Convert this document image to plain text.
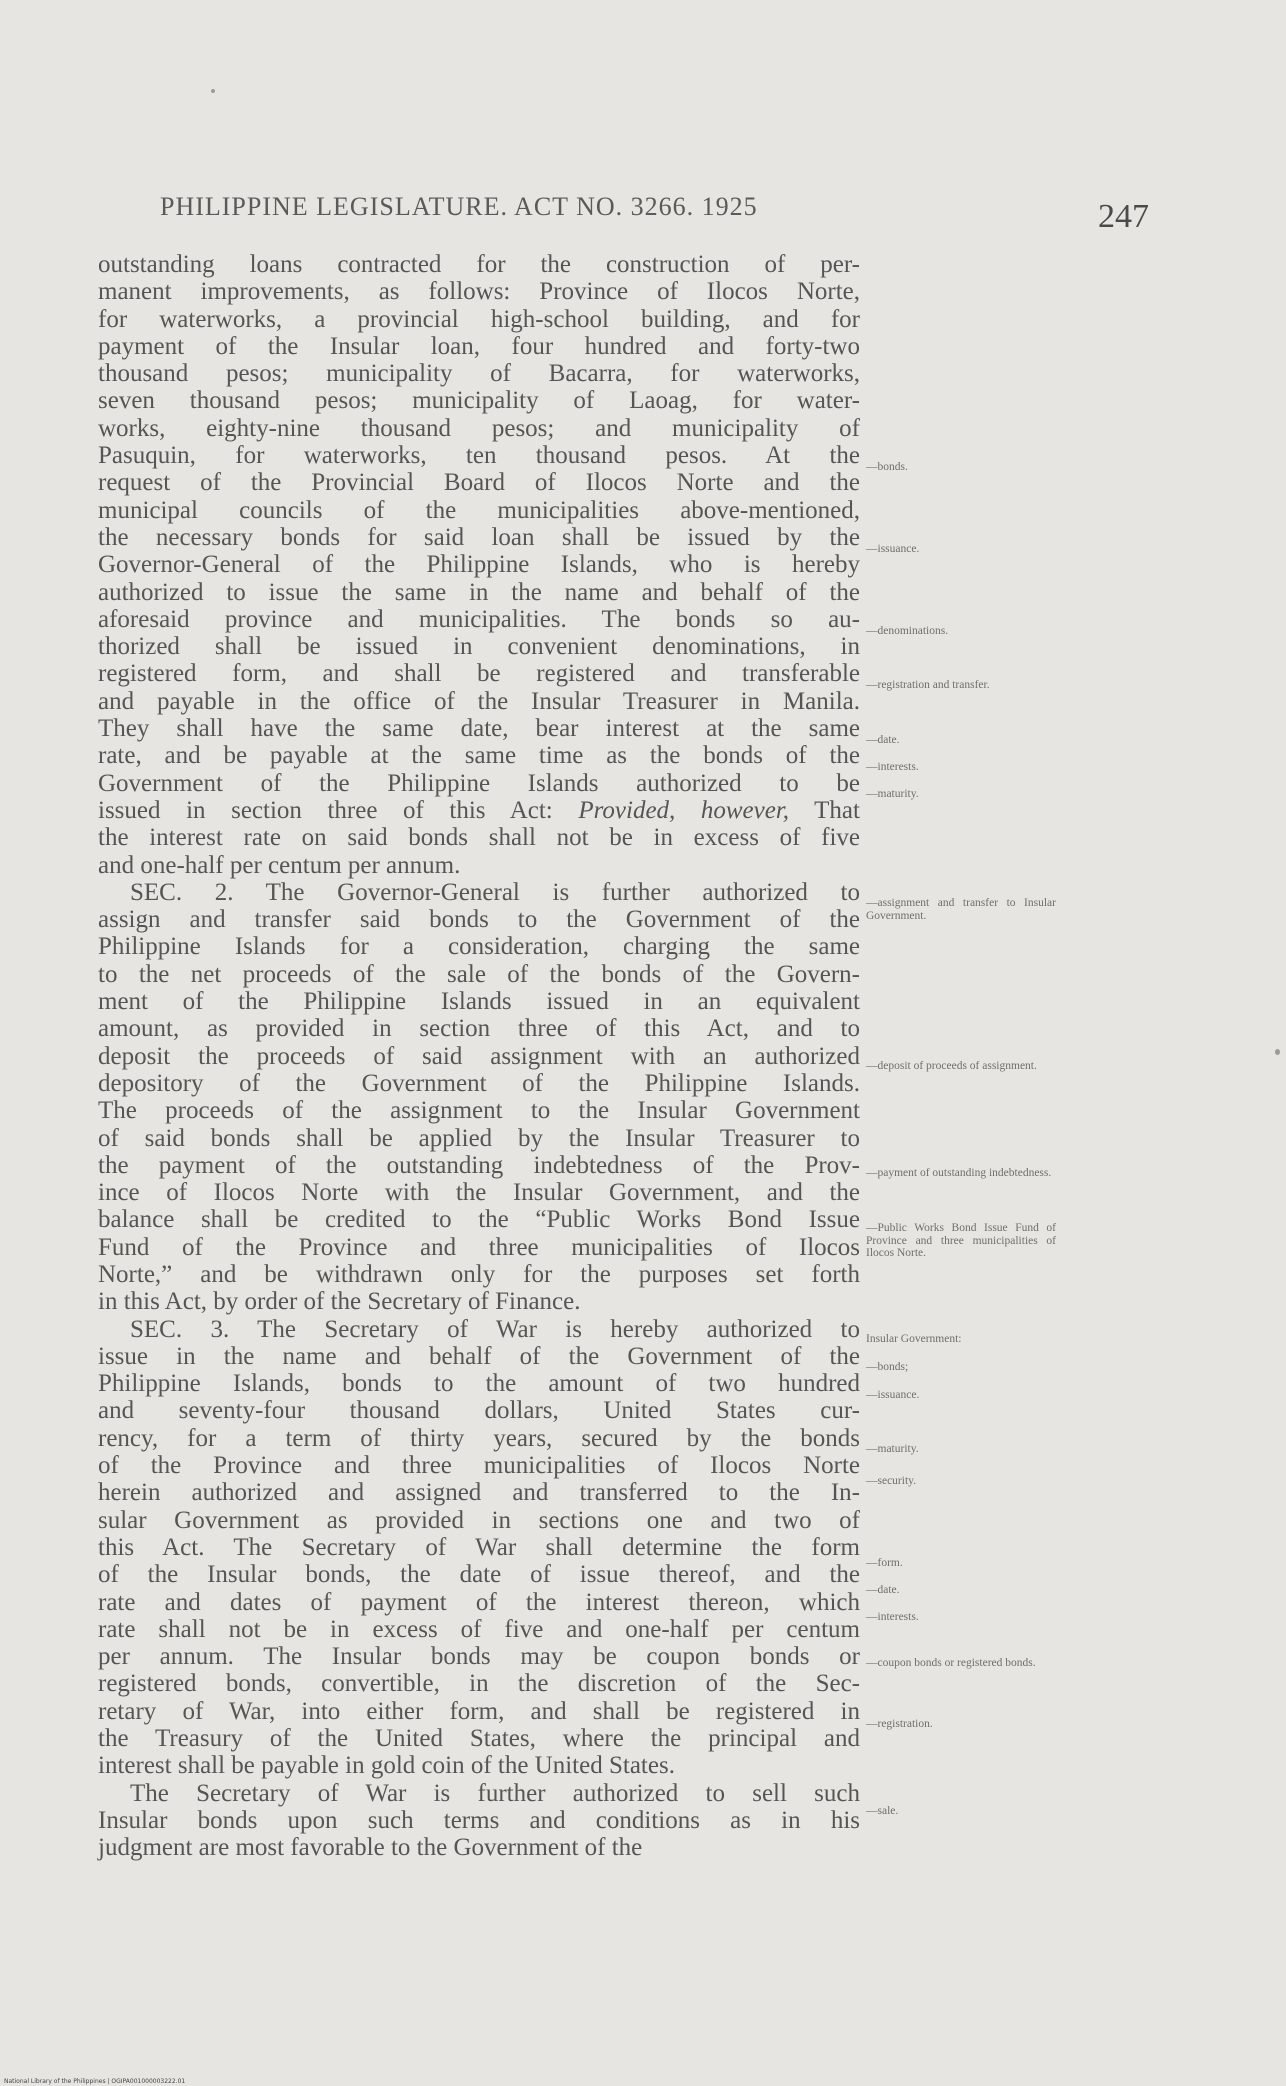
PHILIPPINE LEGISLATURE. ACT NO. 3266. 1925	247
outstanding loans contracted for the construction of per-
manent improvements, as follows: Province of Ilocos Norte,
for waterworks, a provincial high-school building, and for
payment of the Insular loan, four hundred and forty-two
thousand pesos; municipality of Bacarra, for waterworks,
seven thousand pesos; municipality of Laoag, for water-
works, eighty-nine thousand pesos; and municipality of
Pasuquin, for waterworks, ten thousand pesos. At the
request of the Provincial Board of Ilocos Norte and the
municipal councils of the municipalities above-mentioned,
the necessary bonds for said loan shall be issued by the
Governor-General of the Philippine Islands, who is hereby
authorized to issue the same in the name and behalf of the
aforesaid province and municipalities. The bonds so au-
thorized shall be issued in convenient denominations, in
registered form, and shall be registered and transferable
and payable in the office of the Insular Treasurer in Manila.
They shall have the same date, bear interest at the same
rate, and be payable at the same time as the bonds of the
Government of the Philippine Islands authorized to be
issued in section three of this Act: Provided, however, That
the interest rate on said bonds shall not be in excess of five
and one-half per centum per annum.
SEC. 2. The Governor-General is further authorized to
assign and transfer said bonds to the Government of the
Philippine Islands for a consideration, charging the same
to the net proceeds of the sale of the bonds of the Govern-
ment of the Philippine Islands issued in an equivalent
amount, as provided in section three of this Act, and to
deposit the proceeds of said assignment with an authorized
depository of the Government of the Philippine Islands.
The proceeds of the assignment to the Insular Government
of said bonds shall be applied by the Insular Treasurer to
the payment of the outstanding indebtedness of the Prov-
ince of Ilocos Norte with the Insular Government, and the
balance shall be credited to the “Public Works Bond Issue
Fund of the Province and three municipalities of Ilocos
Norte,” and be withdrawn only for the purposes set forth
in this Act, by order of the Secretary of Finance.
SEC. 3. The Secretary of War is hereby authorized to
issue in the name and behalf of the Government of the
Philippine Islands, bonds to the amount of two hundred
and seventy-four thousand dollars, United States cur-
rency, for a term of thirty years, secured by the bonds
of the Province and three municipalities of Ilocos Norte
herein authorized and assigned and transferred to the In-
sular Government as provided in sections one and two of
this Act. The Secretary of War shall determine the form
of the Insular bonds, the date of issue thereof, and the
rate and dates of payment of the interest thereon, which
rate shall not be in excess of five and one-half per centum
per annum. The Insular bonds may be coupon bonds or
registered bonds, convertible, in the discretion of the Sec-
retary of War, into either form, and shall be registered in
the Treasury of the United States, where the principal and
interest shall be payable in gold coin of the United States.
The Secretary of War is further authorized to sell such
Insular bonds upon such terms and conditions as in his
judgment are most favorable to the Government of the
—bonds.
—issuance.
—denominations.
—registration and transfer.
—date.
—interests.
—maturity.
—assignment and transfer to Insular Government.
—deposit of proceeds of assignment.
—payment of outstanding indebtedness.
—Public Works Bond Issue Fund of Province and three municipalities of Ilocos Norte.
Insular Government:
—bonds;
—issuance.
—maturity.
—security.
—form.
—date.
—interests.
—coupon bonds or registered bonds.
—registration.
—sale.
National Library of the Philippines | OGIPA001000003222.01
